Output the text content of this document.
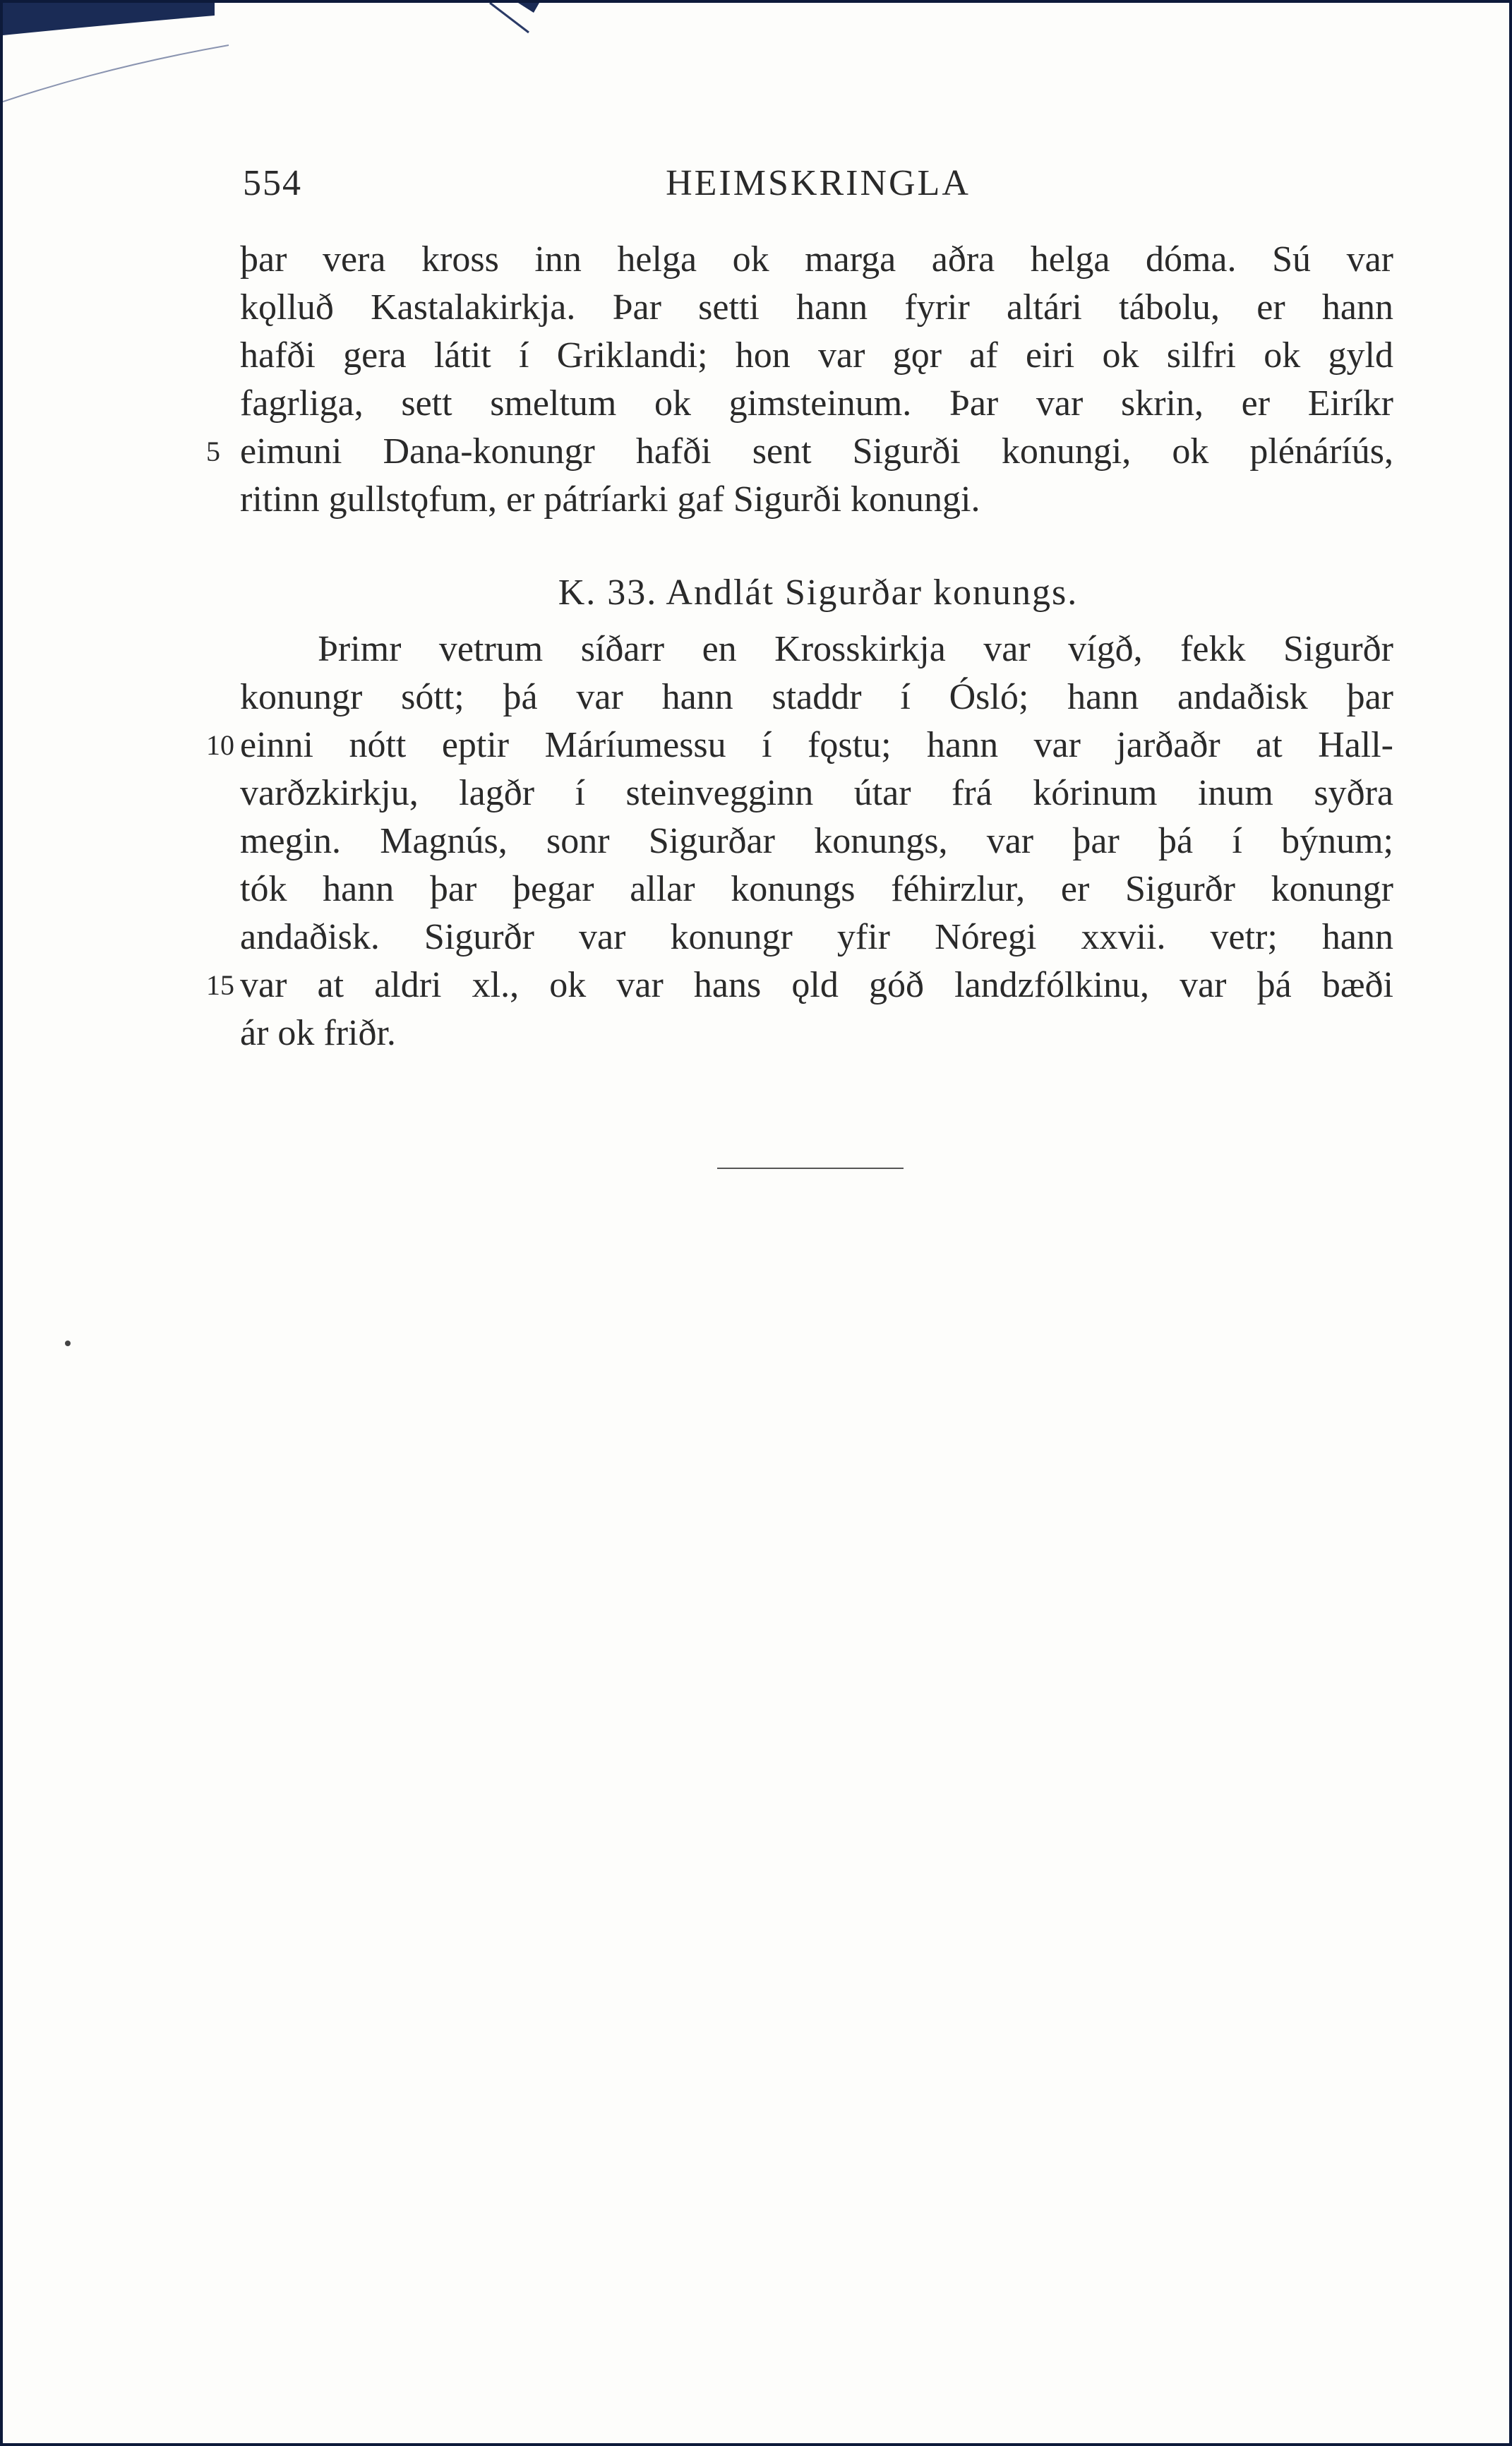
554	HEIMSKRINGLA
þar vera kross inn helga ok marga aðra helga dóma. Sú var
kǫlluð Kastalakirkja. Þar setti hann fyrir altári tábolu, er hann
hafði gera látit í Griklandi; hon var gǫr af eiri ok silfri ok gyld
fagrliga, sett smeltum ok gimsteinum. Þar var skrin, er Eiríkr
5 eimuni Dana-konungr hafði sent Sigurði konungi, ok plénáríús,
ritinn gullstǫfum, er pátríarki gaf Sigurði konungi.
K. 33. Andlát Sigurðar konungs.
Þrimr vetrum síðarr en Krosskirkja var vígð, fekk Sigurðr
konungr sótt; þá var hann staddr í Ósló; hann andaðisk þar
10 einni nótt eptir Máríumessu í fǫstu; hann var jarðaðr at Hall-
varðzkirkju, lagðr í steinvegginn útar frá kórinum inum syðra
megin. Magnús, sonr Sigurðar konungs, var þar þá í býnum;
tók hann þar þegar allar konungs féhirzlur, er Sigurðr konungr
andaðisk. Sigurðr var konungr yfir Nóregi xxvii. vetr; hann
15 var at aldri xl., ok var hans ǫld góð landzfólkinu, var þá bæði
ár ok friðr.
